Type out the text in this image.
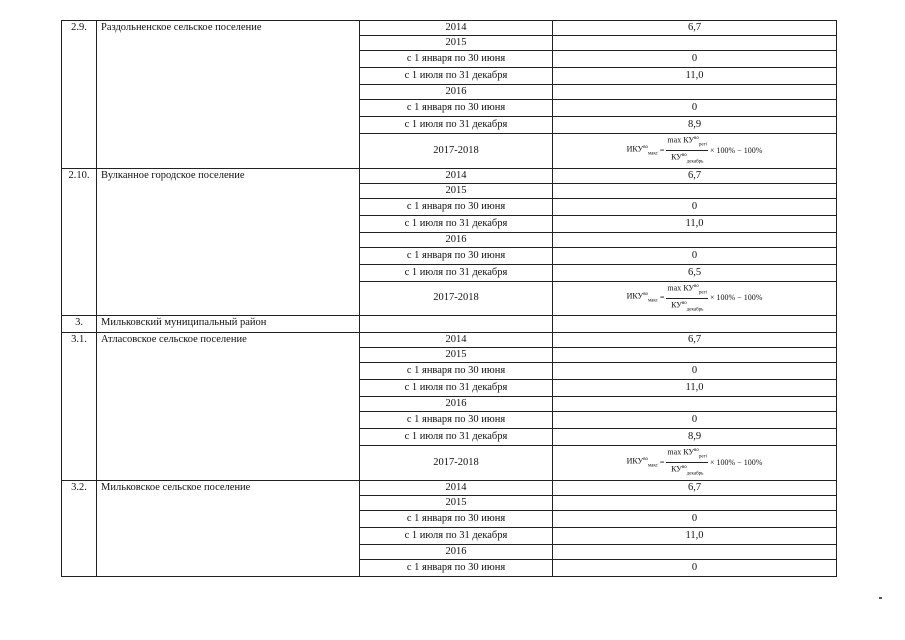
2.9.	Раздольненское сельское поселение	2014	6,7
		2015	
		с 1 января по 30 июня	0
		с 1 июля по 31 декабря	11,0
		2016	
		с 1 января по 30 июня	0
		с 1 июля по 31 декабря	8,9
		2017-2018	$ИКУ^{во}_{макс} = \frac{\max КУ^{во}_{pегi}}{КУ^{во}_{декабрь}} \times 100\% - 100\%$

2.10.	Вулканное городское поселение	2014	6,7
		2015	
		с 1 января по 30 июня	0
		с 1 июля по 31 декабря	11,0
		2016	
		с 1 января по 30 июня	0
		с 1 июля по 31 декабря	6,5
		2017-2018	$ИКУ^{во}_{макс} = \frac{\max КУ^{во}_{pегi}}{КУ^{во}_{декабрь}} \times 100\% - 100\%$

3.	Мильковский муниципальный район		
3.1.	Атласовское сельское поселение	2014	6,7
		2015	
		с 1 января по 30 июня	0
		с 1 июля по 31 декабря	11,0
		2016	
		с 1 января по 30 июня	0
		с 1 июля по 31 декабря	8,9
		2017-2018	$ИКУ^{во}_{макс} = \frac{\max КУ^{во}_{pегi}}{КУ^{во}_{декабрь}} \times 100\% - 100\%$

3.2.	Мильковское сельское поселение	2014	6,7
		2015	
		с 1 января по 30 июня	0
		с 1 июля по 31 декабря	11,0
		2016	
		с 1 января по 30 июня	0
